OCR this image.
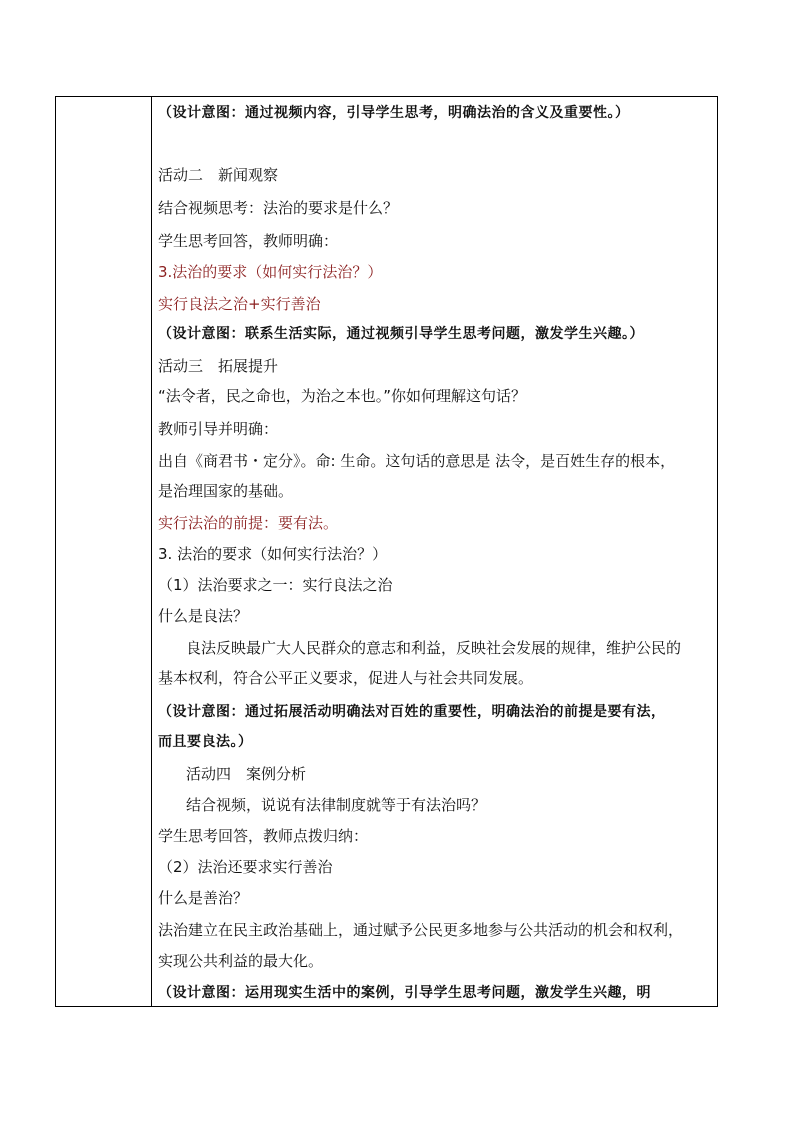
（设计意图：通过视频内容，引导学生思考，明确法治的含义及重要性。）
活动二　新闻观察
结合视频思考：法治的要求是什么？
学生思考回答，教师明确：
3.法治的要求（如何实行法治？）
实行良法之治+实行善治
（设计意图：联系生活实际，通过视频引导学生思考问题，激发学生兴趣。）
活动三　拓展提升
“法令者，民之命也，为治之本也。”你如何理解这句话？
教师引导并明确：
出自《商君书・定分》。命: 生命。这句话的意思是 法令，是百姓生存的根本，
是治理国家的基础。
实行法治的前提：要有法。
3. 法治的要求（如何实行法治？）
（1）法治要求之一：实行良法之治
什么是良法？
良法反映最广大人民群众的意志和利益，反映社会发展的规律，维护公民的
基本权利，符合公平正义要求，促进人与社会共同发展。
（设计意图：通过拓展活动明确法对百姓的重要性，明确法治的前提是要有法，
而且要良法。）
活动四　案例分析
结合视频，说说有法律制度就等于有法治吗？
学生思考回答，教师点拨归纳：
（2）法治还要求实行善治
什么是善治？
法治建立在民主政治基础上，通过赋予公民更多地参与公共活动的机会和权利，
实现公共利益的最大化。
（设计意图：运用现实生活中的案例，引导学生思考问题，激发学生兴趣，明
